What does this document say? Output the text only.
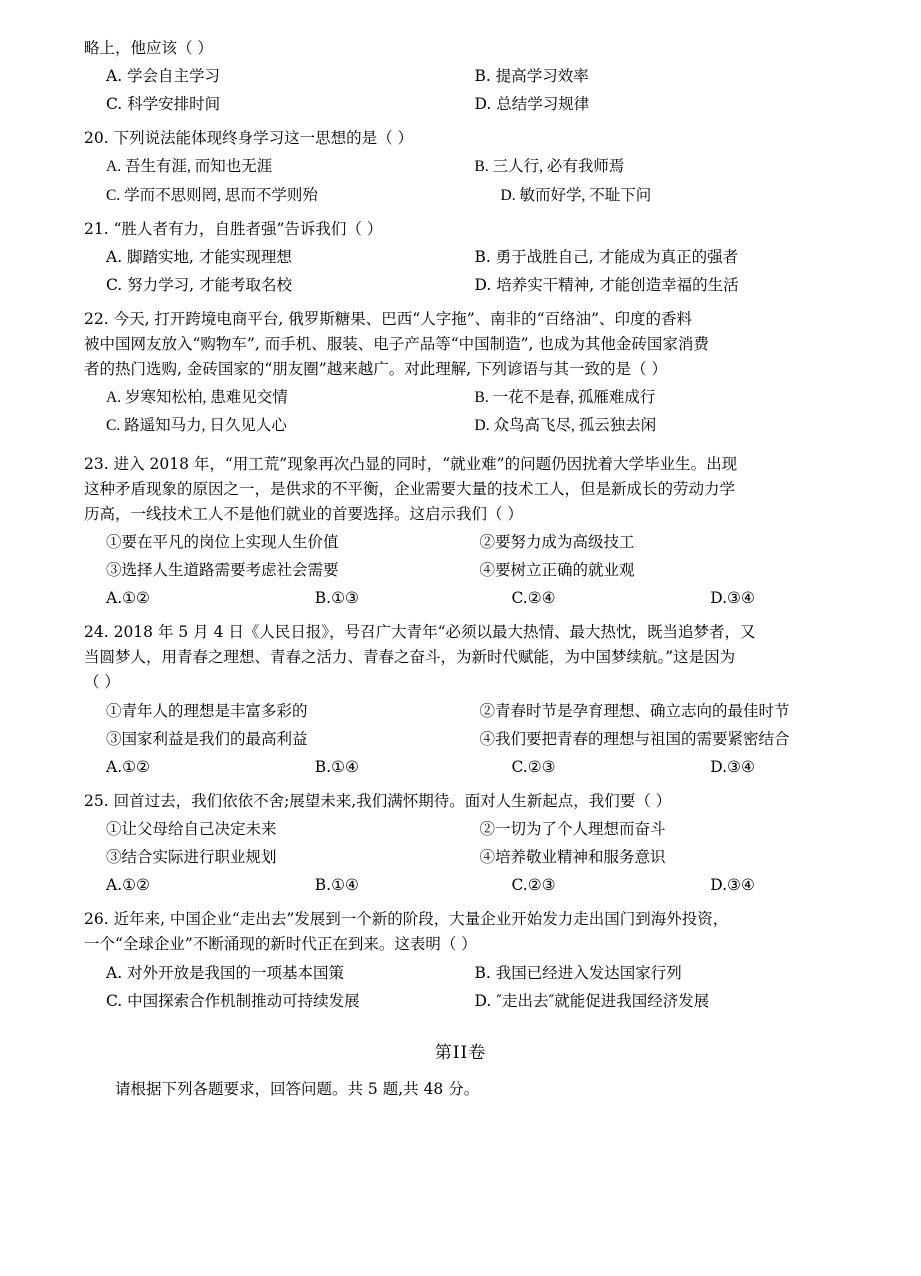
略上，他应该（ ）

A. 学会自主学习	B. 提高学习效率
C. 科学安排时间	D. 总结学习规律

20. 下列说法能体现终身学习这一思想的是（ ）

A. 吾生有涯, 而知也无涯	B. 三人行, 必有我师焉
C. 学而不思则罔, 思而不学则殆	D. 敏而好学, 不耻下问

21. “胜人者有力，自胜者强”告诉我们（ ）

A. 脚踏实地, 才能实现理想	B. 勇于战胜自己, 才能成为真正的强者
C. 努力学习, 才能考取名校	D. 培养实干精神, 才能创造幸福的生活

22. 今天, 打开跨境电商平台, 俄罗斯糖果、巴西“人字拖”、南非的“百络油”、印度的香料
被中国网友放入“购物车”, 而手机、服装、电子产品等“中国制造”, 也成为其他金砖国家消费
者的热门选购, 金砖国家的“朋友圈”越来越广。对此理解, 下列谚语与其一致的是（ ）

A. 岁寒知松柏, 患难见交情	B. 一花不是春, 孤雁难成行
C. 路遥知马力, 日久见人心	D. 众鸟高飞尽, 孤云独去闲

23. 进入 2018 年，“用工荒”现象再次凸显的同时，“就业难”的问题仍因扰着大学毕业生。出现
这种矛盾现象的原因之一，是供求的不平衡，企业需要大量的技术工人，但是新成长的劳动力学
历高，一线技术工人不是他们就业的首要选择。这启示我们（ ）

①要在平凡的岗位上实现人生价值	②要努力成为高级技工
③选择人生道路需要考虑社会需要	④要树立正确的就业观
A.①②	B.①③	C.②④	D.③④

24. 2018 年 5 月 4 日《人民日报》，号召广大青年“必须以最大热情、最大热忱，既当追梦者，又
当圆梦人，用青春之理想、青春之活力、青春之奋斗，为新时代赋能，为中国梦续航。”这是因为
（ ）

①青年人的理想是丰富多彩的	②青春时节是孕育理想、确立志向的最佳时节
③国家利益是我们的最高利益	④我们要把青春的理想与祖国的需要紧密结合
A.①②	B.①④	C.②③	D.③④

25. 回首过去，我们依依不舍;展望未来,我们满怀期待。面对人生新起点，我们要（ ）

①让父母给自己决定未来	②一切为了个人理想而奋斗
③结合实际进行职业规划	④培养敬业精神和服务意识
A.①②	B.①④	C.②③	D.③④

26. 近年来, 中国企业“走出去”发展到一个新的阶段，大量企业开始发力走出国门到海外投资，
一个“全球企业”不断涌现的新时代正在到来。这表明（ ）

A. 对外开放是我国的一项基本国策	B. 我国已经进入发达国家行列
C. 中国探索合作机制推动可持续发展	D. ″走出去″就能促进我国经济发展
第II卷

请根据下列各题要求，回答问题。共 5 题,共 48 分。
